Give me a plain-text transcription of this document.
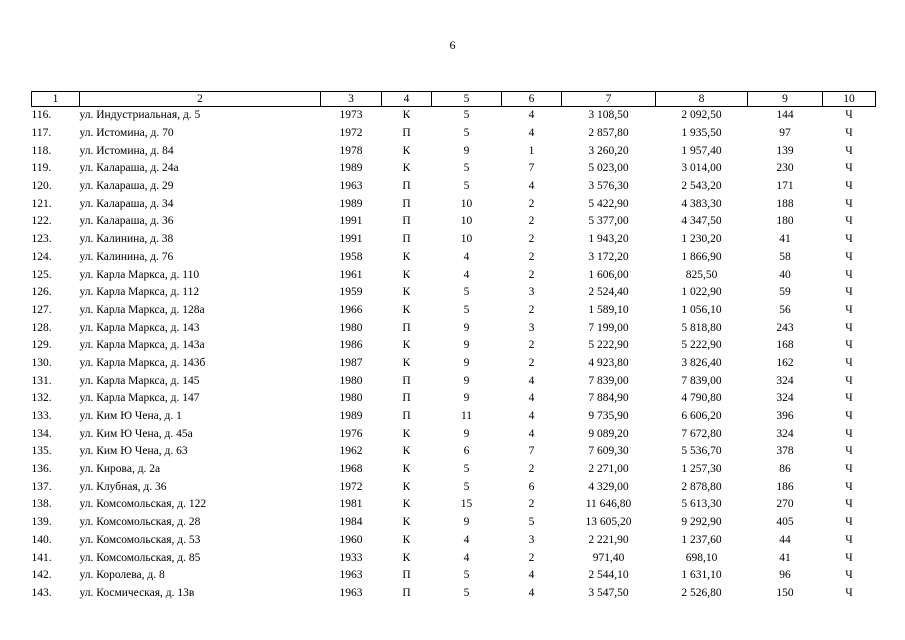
6
1	2	3	4	5	6	7	8	9	10
116.	ул. Индустриальная, д. 5	1973	К	5	4	3 108,50	2 092,50	144	Ч
117.	ул. Истомина, д. 70	1972	П	5	4	2 857,80	1 935,50	97	Ч
118.	ул. Истомина, д. 84	1978	К	9	1	3 260,20	1 957,40	139	Ч
119.	ул. Калараша, д. 24а	1989	К	5	7	5 023,00	3 014,00	230	Ч
120.	ул. Калараша, д. 29	1963	П	5	4	3 576,30	2 543,20	171	Ч
121.	ул. Калараша, д. 34	1989	П	10	2	5 422,90	4 383,30	188	Ч
122.	ул. Калараша, д. 36	1991	П	10	2	5 377,00	4 347,50	180	Ч
123.	ул. Калинина, д. 38	1991	П	10	2	1 943,20	1 230,20	41	Ч
124.	ул. Калинина, д. 76	1958	К	4	2	3 172,20	1 866,90	58	Ч
125.	ул. Карла Маркса, д. 110	1961	К	4	2	1 606,00	825,50	40	Ч
126.	ул. Карла Маркса, д. 112	1959	К	5	3	2 524,40	1 022,90	59	Ч
127.	ул. Карла Маркса, д. 128а	1966	К	5	2	1 589,10	1 056,10	56	Ч
128.	ул. Карла Маркса, д. 143	1980	П	9	3	7 199,00	5 818,80	243	Ч
129.	ул. Карла Маркса, д. 143а	1986	К	9	2	5 222,90	5 222,90	168	Ч
130.	ул. Карла Маркса, д. 143б	1987	К	9	2	4 923,80	3 826,40	162	Ч
131.	ул. Карла Маркса, д. 145	1980	П	9	4	7 839,00	7 839,00	324	Ч
132.	ул. Карла Маркса, д. 147	1980	П	9	4	7 884,90	4 790,80	324	Ч
133.	ул. Ким Ю Чена, д. 1	1989	П	11	4	9 735,90	6 606,20	396	Ч
134.	ул. Ким Ю Чена, д. 45а	1976	К	9	4	9 089,20	7 672,80	324	Ч
135.	ул. Ким Ю Чена, д. 63	1962	К	6	7	7 609,30	5 536,70	378	Ч
136.	ул. Кирова, д. 2а	1968	К	5	2	2 271,00	1 257,30	86	Ч
137.	ул. Клубная, д. 36	1972	К	5	6	4 329,00	2 878,80	186	Ч
138.	ул. Комсомольская, д. 122	1981	К	15	2	11 646,80	5 613,30	270	Ч
139.	ул. Комсомольская, д. 28	1984	К	9	5	13 605,20	9 292,90	405	Ч
140.	ул. Комсомольская, д. 53	1960	К	4	3	2 221,90	1 237,60	44	Ч
141.	ул. Комсомольская, д. 85	1933	К	4	2	971,40	698,10	41	Ч
142.	ул. Королева, д. 8	1963	П	5	4	2 544,10	1 631,10	96	Ч
143.	ул. Космическая, д. 13в	1963	П	5	4	3 547,50	2 526,80	150	Ч
